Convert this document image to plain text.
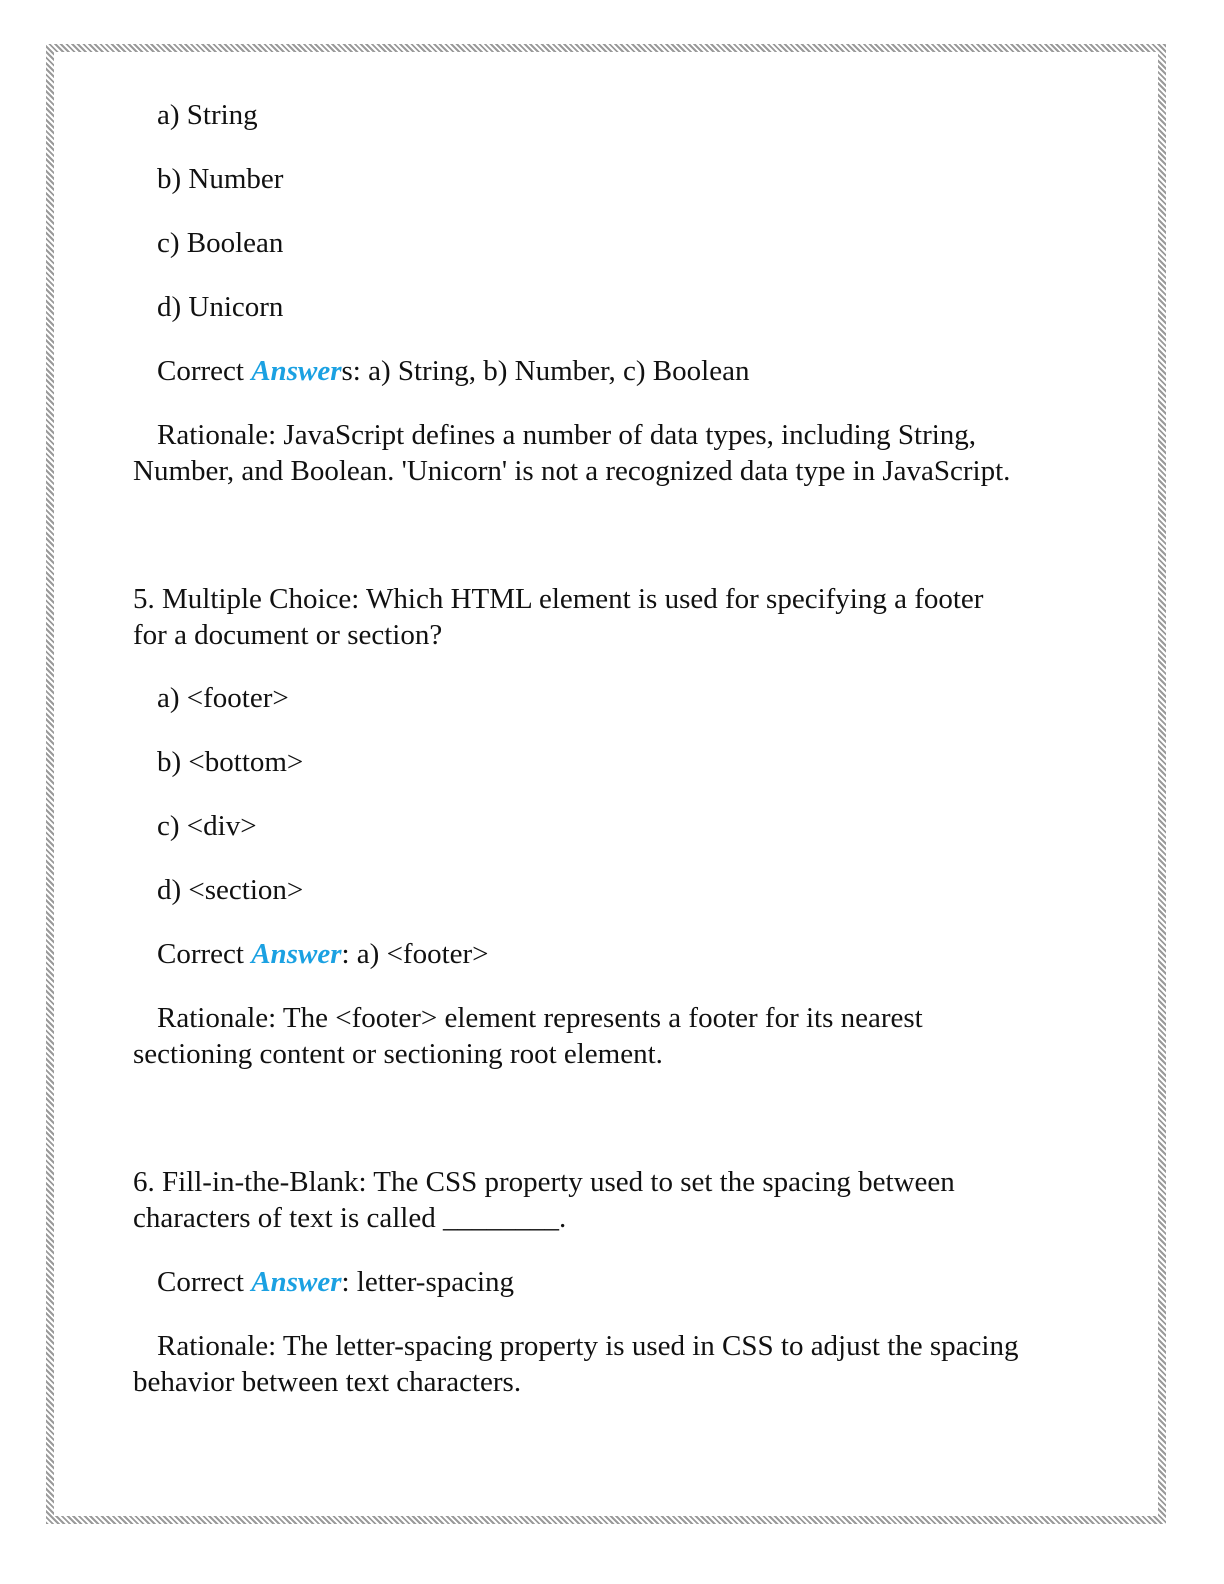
a) String
b) Number
c) Boolean
d) Unicorn
Correct Answers: a) String, b) Number, c) Boolean
Rationale: JavaScript defines a number of data types, including String,
Number, and Boolean. 'Unicorn' is not a recognized data type in JavaScript.
5. Multiple Choice: Which HTML element is used for specifying a footer
for a document or section?
a) <footer>
b) <bottom>
c) <div>
d) <section>
Correct Answer: a) <footer>
Rationale: The <footer> element represents a footer for its nearest
sectioning content or sectioning root element.
6. Fill-in-the-Blank: The CSS property used to set the spacing between
characters of text is called ________.
Correct Answer: letter-spacing
Rationale: The letter-spacing property is used in CSS to adjust the spacing
behavior between text characters.
